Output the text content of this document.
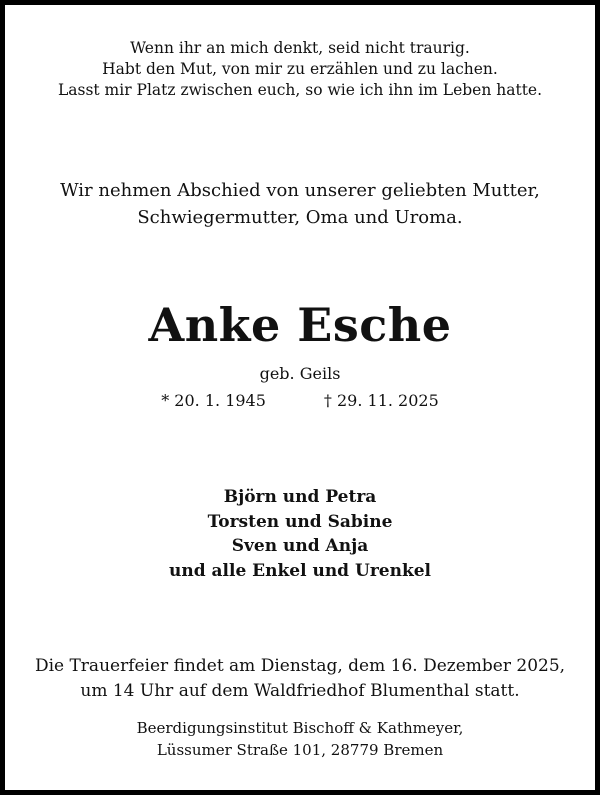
Wenn ihr an mich denkt, seid nicht traurig.
Habt den Mut, von mir zu erzählen und zu lachen.
Lasst mir Platz zwischen euch, so wie ich ihn im Leben hatte.
Wir nehmen Abschied von unserer geliebten Mutter,
Schwiegermutter, Oma und Uroma.
Anke Esche
geb. Geils
* 20. 1. 1945	† 29. 11. 2025
Björn und Petra
Torsten und Sabine
Sven und Anja
und alle Enkel und Urenkel
Die Trauerfeier findet am Dienstag, dem 16. Dezember 2025,
um 14 Uhr auf dem Waldfriedhof Blumenthal statt.
Beerdigungsinstitut Bischoff & Kathmeyer,
Lüssumer Straße 101, 28779 Bremen
